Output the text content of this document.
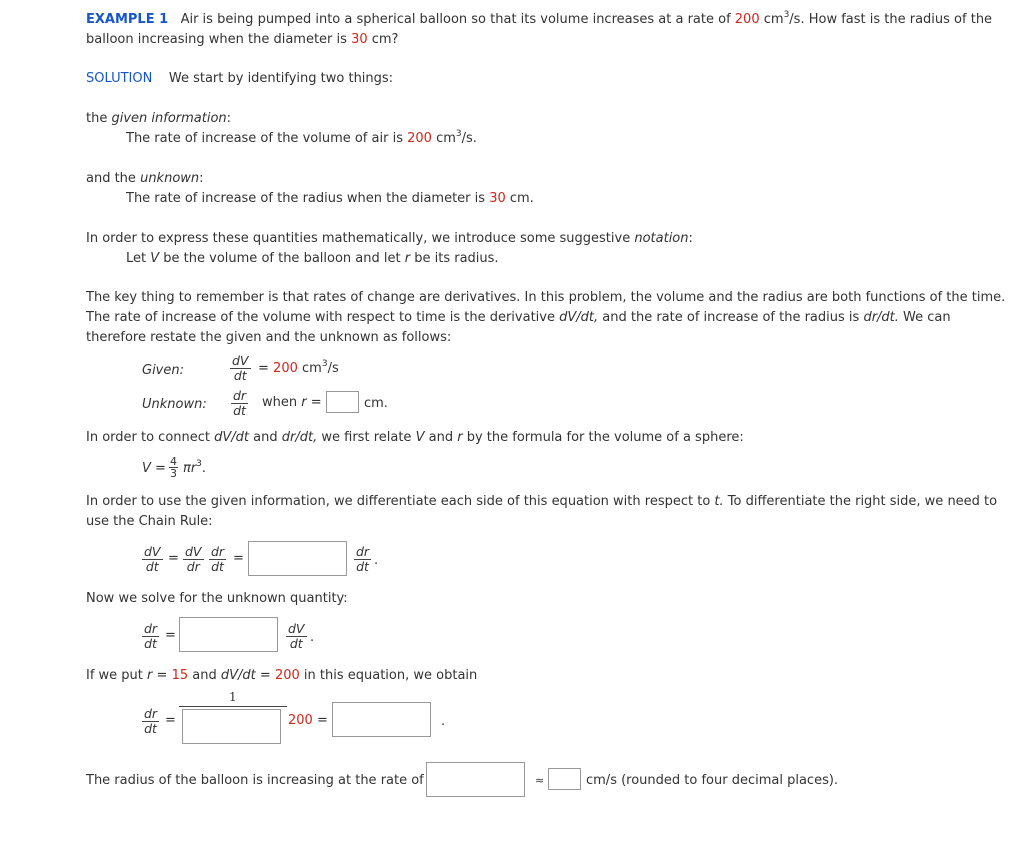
EXAMPLE 1 Air is being pumped into a spherical balloon so that its volume increases at a rate of 200 $cm^3/s$. How fast is the radius of the
balloon increasing when the diameter is 30 cm?
SOLUTION We start by identifying two things:
the given information:
The rate of increase of the volume of air is 200 $cm^3/s$.
and the unknown:
The rate of increase of the radius when the diameter is 30 cm.
In order to express these quantities mathematically, we introduce some suggestive notation:
Let V be the volume of the balloon and let r be its radius.
The key thing to remember is that rates of change are derivatives. In this problem, the volume and the radius are both functions of the time.
The rate of increase of the volume with respect to time is the derivative dV/dt, and the rate of increase of the radius is dr/dt. We can
therefore restate the given and the unknown as follows:
Given:	$\frac{dV}{dt} = 200$ $cm^3/s$
Unknown: $\frac{dr}{dt}$ when r =	cm.
In order to connect dV/dt and dr/dt, we first relate V and r by the formula for the volume of a sphere:
V = 4
3 $\pi r^3$.
In order to use the given information, we differentiate each side of this equation with respect to t. To differentiate the right side, we need to
use the Chain Rule:
$\frac{dV}{dt} = \frac{dV}{dr} \frac{dr}{dt}$ =	$\frac{dr}{dt}$ .
Now we solve for the unknown quantity:
$\frac{dr}{dt}$ =	$\frac{dV}{dt}$ .
If we put r = 15 and dV/dt = 200 in this equation, we obtain
$\frac{dr}{dt}$ =
1
200 =	.
The radius of the balloon is increasing at the rate of	≈	cm/s (rounded to four decimal places).
